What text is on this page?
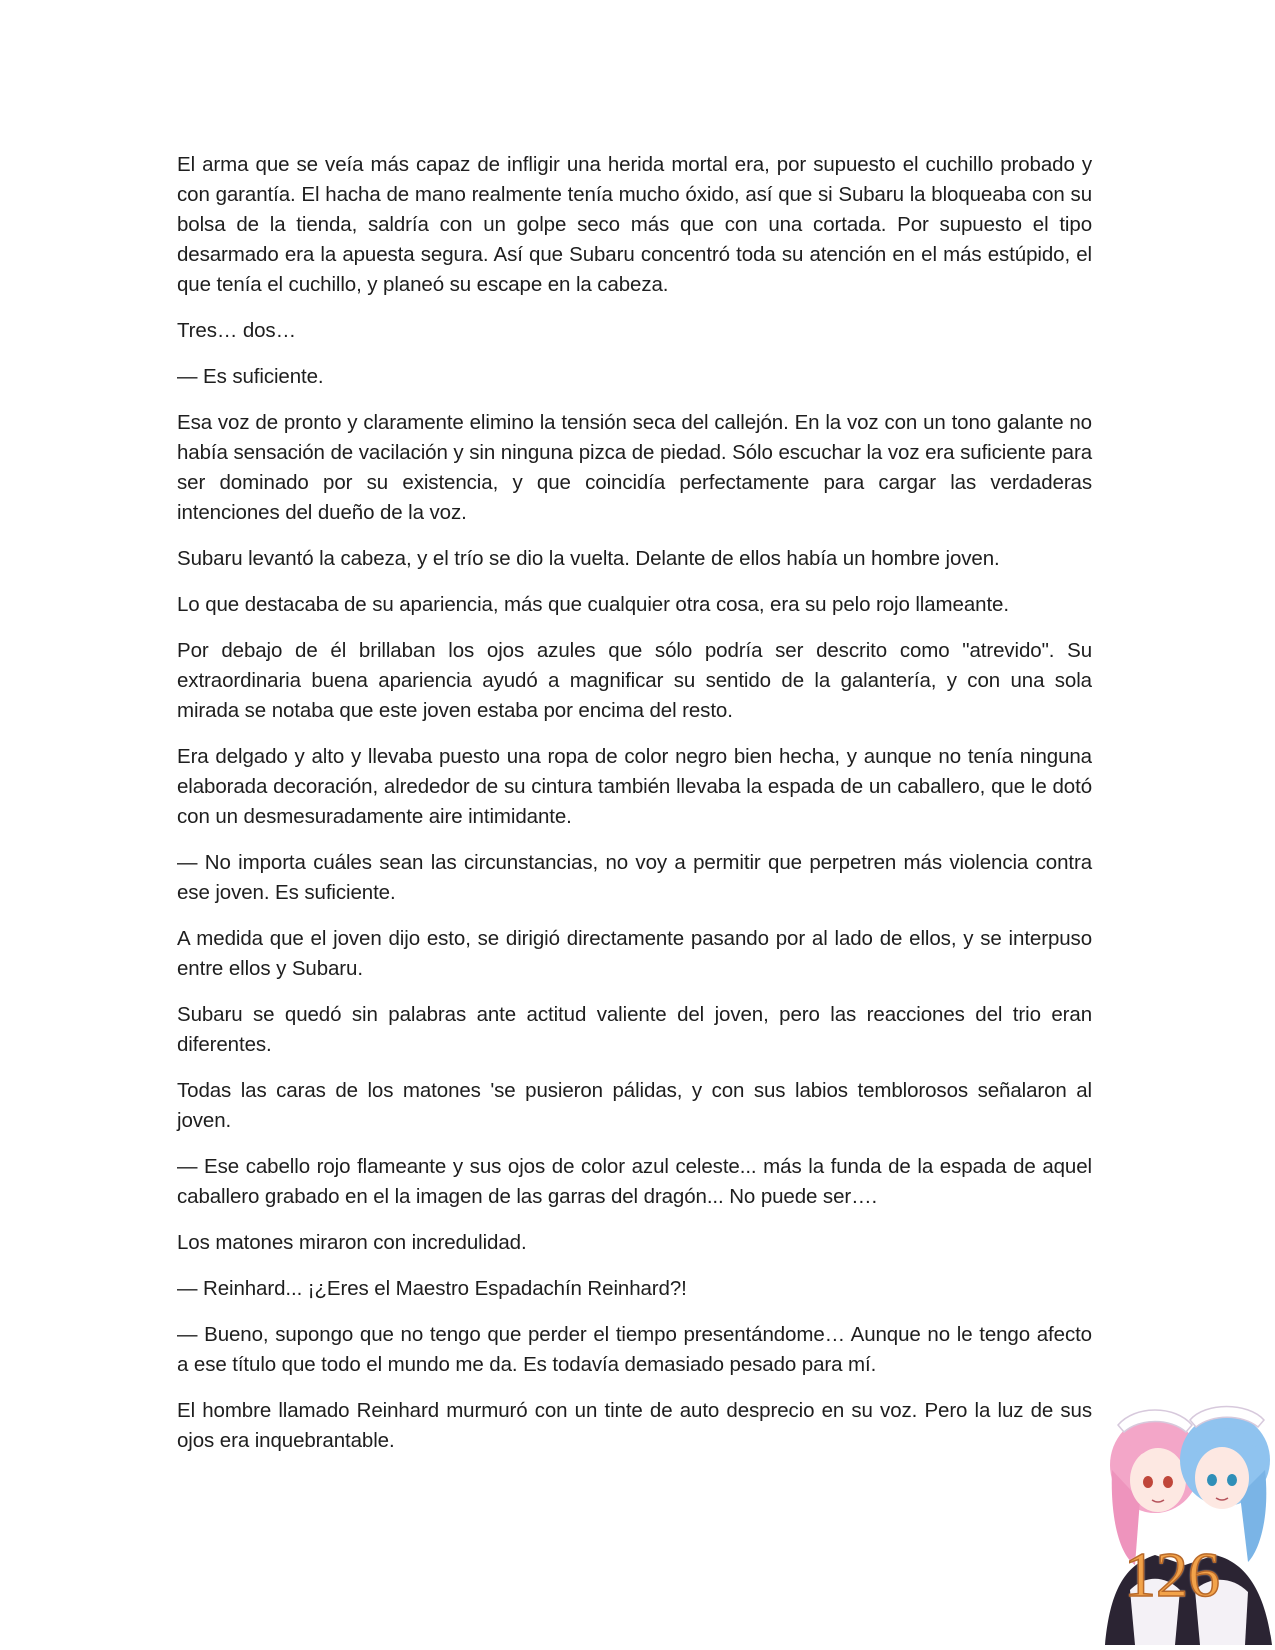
El arma que se veía más capaz de infligir una herida mortal era, por supuesto el cuchillo probado y con garantía. El hacha de mano realmente tenía mucho óxido, así que si Subaru la bloqueaba con su bolsa de la tienda, saldría con un golpe seco más que con una cortada. Por supuesto el tipo desarmado era la apuesta segura. Así que Subaru concentró toda su atención en el más estúpido, el que tenía el cuchillo, y planeó su escape en la cabeza.

Tres… dos…

— Es suficiente.

Esa voz de pronto y claramente elimino la tensión seca del callejón. En la voz con un tono galante no había sensación de vacilación y sin ninguna pizca de piedad. Sólo escuchar la voz era suficiente para ser dominado por su existencia, y que coincidía perfectamente para cargar las verdaderas intenciones del dueño de la voz.

Subaru levantó la cabeza, y el trío se dio la vuelta. Delante de ellos había un hombre joven.

Lo que destacaba de su apariencia, más que cualquier otra cosa, era su pelo rojo llameante.

Por debajo de él brillaban los ojos azules que sólo podría ser descrito como "atrevido". Su extraordinaria buena apariencia ayudó a magnificar su sentido de la galantería, y con una sola mirada se notaba que este joven estaba por encima del resto.

Era delgado y alto y llevaba puesto una ropa de color negro bien hecha, y aunque no tenía ninguna elaborada decoración, alrededor de su cintura también llevaba la espada de un caballero, que le dotó con un desmesuradamente aire intimidante.

— No importa cuáles sean las circunstancias, no voy a permitir que perpetren más violencia contra ese joven. Es suficiente.

A medida que el joven dijo esto, se dirigió directamente pasando por al lado de ellos, y se interpuso entre ellos y Subaru.

Subaru se quedó sin palabras ante actitud valiente del joven, pero las reacciones del trio eran diferentes.

Todas las caras de los matones 'se pusieron pálidas, y con sus labios temblorosos señalaron al joven.

— Ese cabello rojo flameante y sus ojos de color azul celeste... más la funda de la espada de aquel caballero grabado en el la imagen de las garras del dragón... No puede ser….

Los matones miraron con incredulidad.

— Reinhard... ¡¿Eres el Maestro Espadachín Reinhard?!

— Bueno, supongo que no tengo que perder el tiempo presentándome… Aunque no le tengo afecto a ese título que todo el mundo me da. Es todavía demasiado pesado para mí.

El hombre llamado Reinhard murmuró con un tinte de auto desprecio en su voz. Pero la luz de sus ojos era inquebrantable.

126
